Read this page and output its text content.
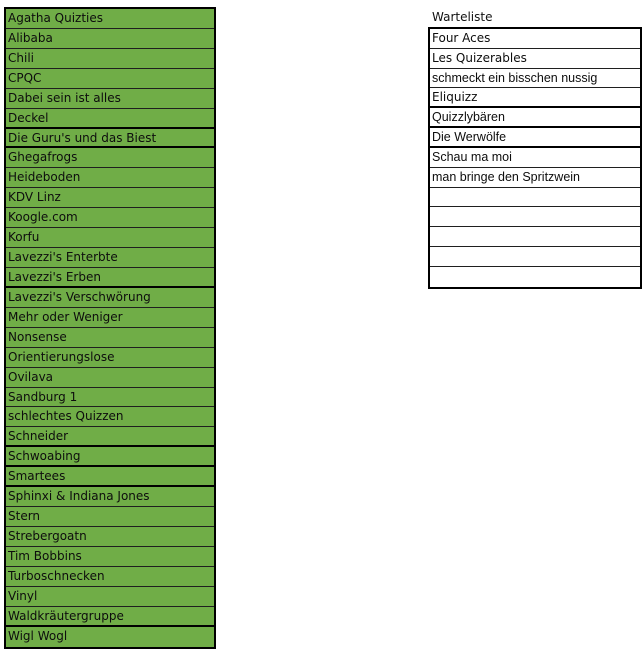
Agatha Quizties
Alibaba
Chili
CPQC
Dabei sein ist alles
Deckel
Die Guru's und das Biest
Ghegafrogs
Heideboden
KDV Linz
Koogle.com
Korfu
Lavezzi's Enterbte
Lavezzi's Erben
Lavezzi's Verschwörung
Mehr oder Weniger
Nonsense
Orientierungslose
Ovilava
Sandburg 1
schlechtes Quizzen
Schneider
Schwoabing
Smartees
Sphinxi & Indiana Jones
Stern
Strebergoatn
Tim Bobbins
Turboschnecken
Vinyl
Waldkräutergruppe
Wigl Wogl
Warteliste
Four Aces
Les Quizerables
schmeckt ein bisschen nussig
Eliquizz
Quizzlybären
Die Werwölfe
Schau ma moi
man bringe den Spritzwein
